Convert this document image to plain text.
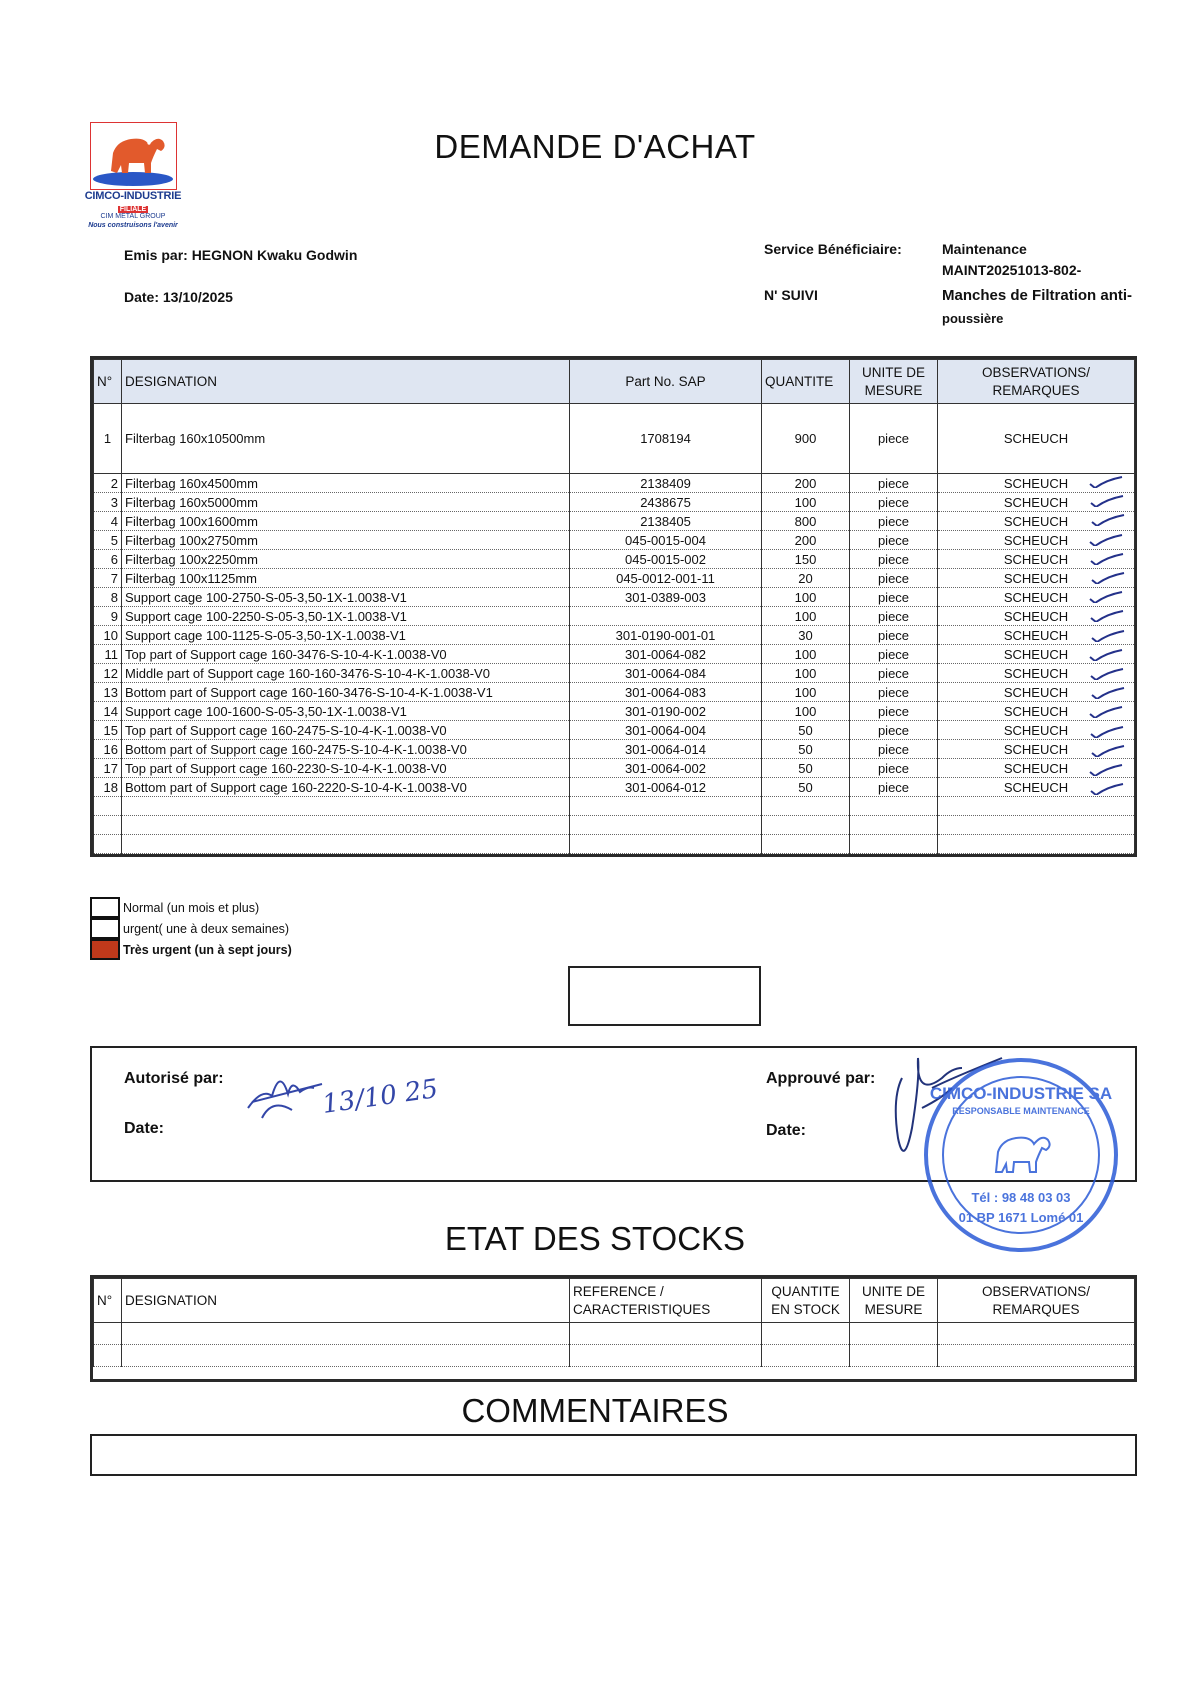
CIMCO-INDUSTRIE
FILIALE
CIM METAL GROUP
Nous construisons l'avenir
DEMANDE D'ACHAT
Emis par: HEGNON Kwaku Godwin
Date: 13/10/2025
Service Bénéficiaire:	Maintenance
MAINT20251013-802-
N' SUIVI	Manches de Filtration anti-
poussière
N°	DESIGNATION	Part No. SAP	QUANTITE	UNITE DE MESURE	OBSERVATIONS/ REMARQUES
1	Filterbag 160x10500mm	1708194	900	piece	SCHEUCH
2	Filterbag 160x4500mm	2138409	200	piece	SCHEUCH
3	Filterbag 160x5000mm	2438675	100	piece	SCHEUCH
4	Filterbag 100x1600mm	2138405	800	piece	SCHEUCH
5	Filterbag 100x2750mm	045-0015-004	200	piece	SCHEUCH
6	Filterbag 100x2250mm	045-0015-002	150	piece	SCHEUCH
7	Filterbag 100x1125mm	045-0012-001-11	20	piece	SCHEUCH
8	Support cage 100-2750-S-05-3,50-1X-1.0038-V1	301-0389-003	100	piece	SCHEUCH
9	Support cage 100-2250-S-05-3,50-1X-1.0038-V1		100	piece	SCHEUCH
10	Support cage 100-1125-S-05-3,50-1X-1.0038-V1	301-0190-001-01	30	piece	SCHEUCH
11	Top part of Support cage 160-3476-S-10-4-K-1.0038-V0	301-0064-082	100	piece	SCHEUCH
12	Middle part of Support cage 160-160-3476-S-10-4-K-1.0038-V0	301-0064-084	100	piece	SCHEUCH
13	Bottom part of Support cage 160-160-3476-S-10-4-K-1.0038-V1	301-0064-083	100	piece	SCHEUCH
14	Support cage 100-1600-S-05-3,50-1X-1.0038-V1	301-0190-002	100	piece	SCHEUCH
15	Top part of Support cage 160-2475-S-10-4-K-1.0038-V0	301-0064-004	50	piece	SCHEUCH
16	Bottom part of Support cage 160-2475-S-10-4-K-1.0038-V0	301-0064-014	50	piece	SCHEUCH
17	Top part of Support cage 160-2230-S-10-4-K-1.0038-V0	301-0064-002	50	piece	SCHEUCH
18	Bottom part of Support cage 160-2220-S-10-4-K-1.0038-V0	301-0064-012	50	piece	SCHEUCH

Normal (un mois et plus)
urgent( une à deux semaines)
Très urgent (un à sept jours)
Autorisé par:
Date:
Approuvé par:
Date:
13/10 25	CIMCO-INDUSTRIE SA
RESPONSABLE MAINTENANCE
Tél : 98 48 03 03
01 BP 1671 Lomé 01
ETAT DES STOCKS
N°	DESIGNATION	REFERENCE / CARACTERISTIQUES	QUANTITE EN STOCK	UNITE DE MESURE	OBSERVATIONS/ REMARQUES

COMMENTAIRES
